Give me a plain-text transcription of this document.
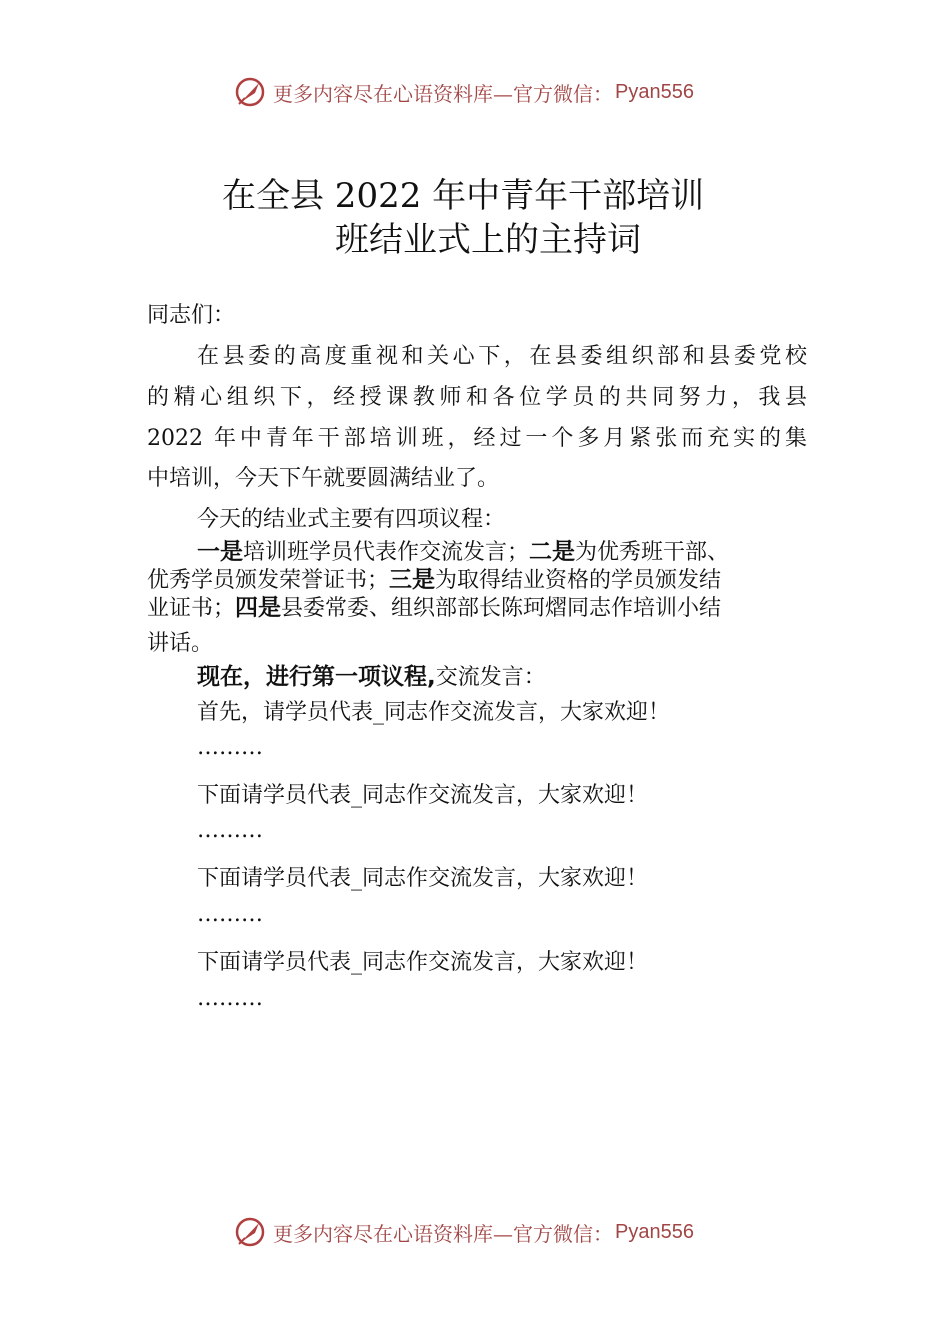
更多内容尽在心语资料库—官方微信： Pyan556
在全县 2022 年中青年干部培训
班结业式上的主持词
同志们：
在县委的高度重视和关心下，在县委组织部和县委党校
的精心组织下，经授课教师和各位学员的共同努力，我县
2022 年中青年干部培训班，经过一个多月紧张而充实的集
中培训，今天下午就要圆满结业了。
今天的结业式主要有四项议程：
一是培训班学员代表作交流发言；二是为优秀班干部、
优秀学员颁发荣誉证书；三是为取得结业资格的学员颁发结
业证书；四是县委常委、组织部部长陈珂熠同志作培训小结
讲话。
现在，进行第一项议程,交流发言：
首先，请学员代表_同志作交流发言，大家欢迎！
………
下面请学员代表_同志作交流发言，大家欢迎！
………
下面请学员代表_同志作交流发言，大家欢迎！
………
下面请学员代表_同志作交流发言，大家欢迎！
………
更多内容尽在心语资料库—官方微信： Pyan556
